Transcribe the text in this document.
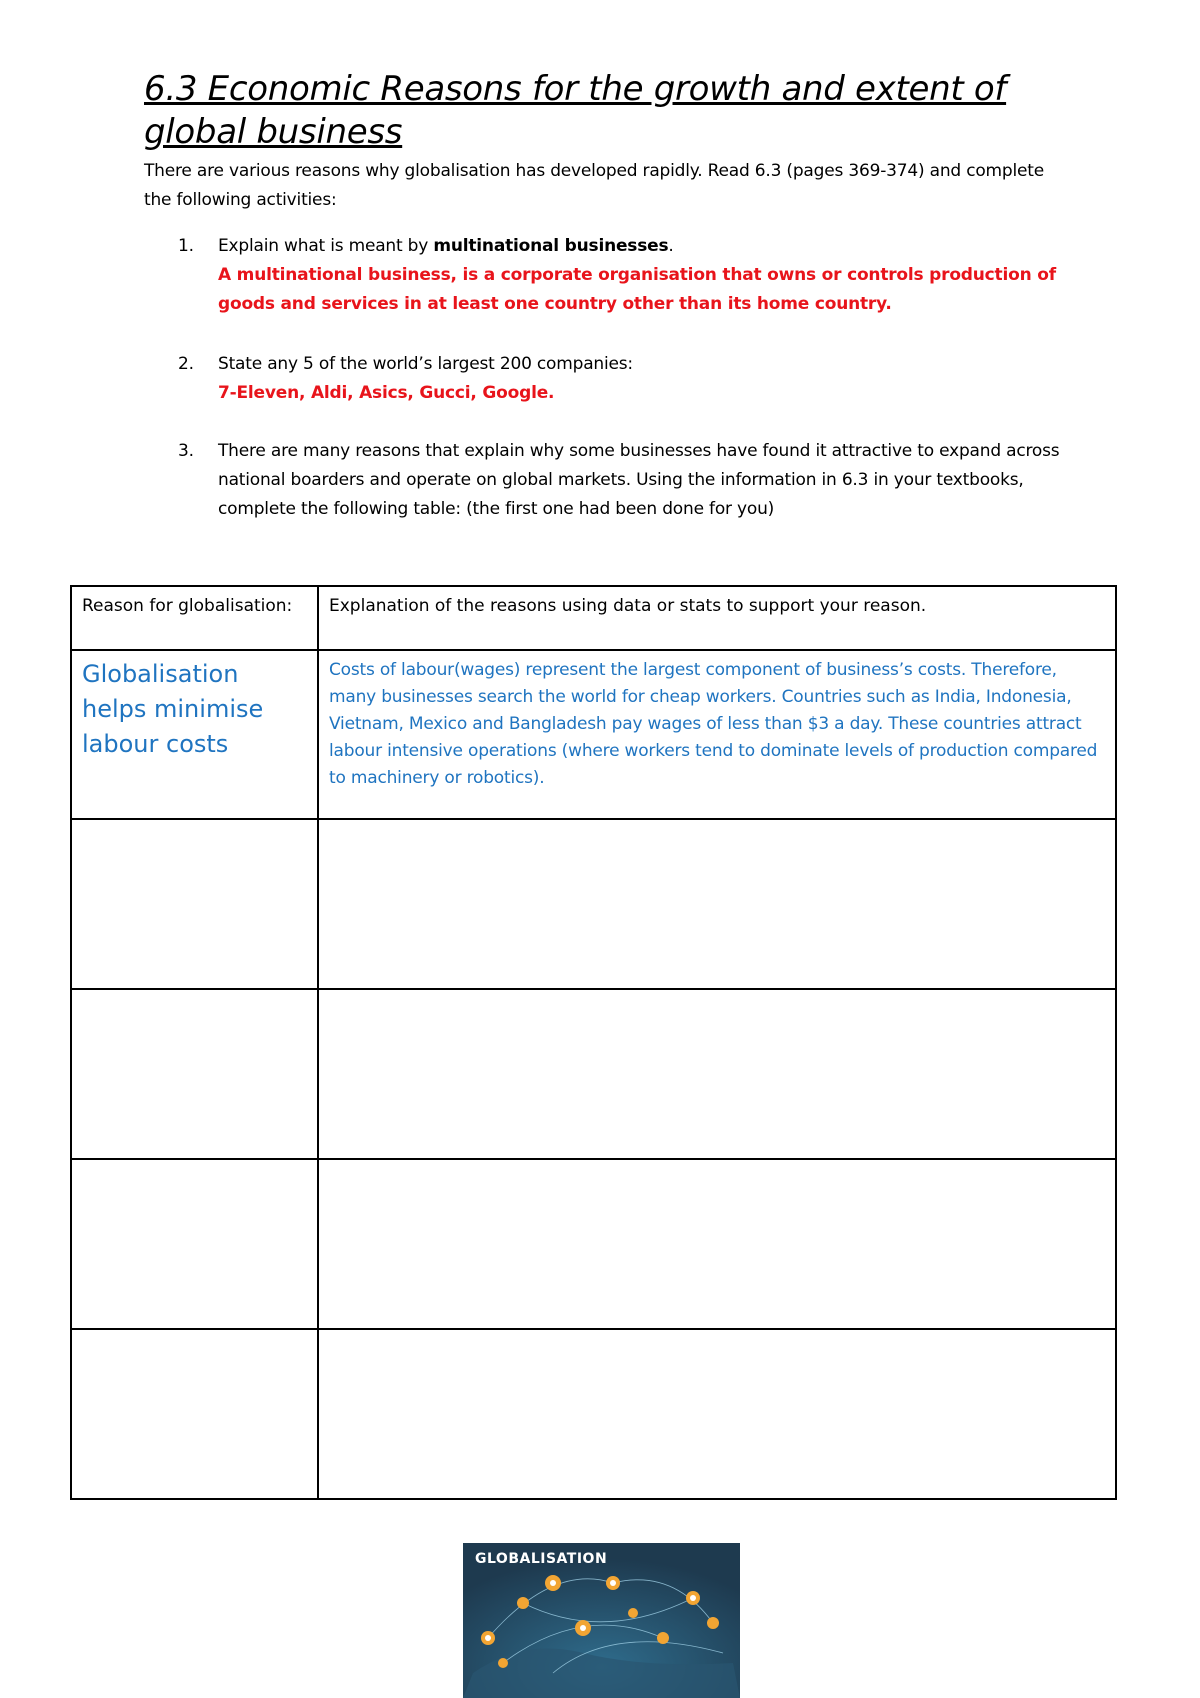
6.3 Economic Reasons for the growth and extent of global business

There are various reasons why globalisation has developed rapidly. Read 6.3 (pages 369-374) and complete the following activities:

1. Explain what is meant by multinational businesses.
A multinational business, is a corporate organisation that owns or controls production of goods and services in at least one country other than its home country.
2. State any 5 of the world’s largest 200 companies:
7-Eleven, Aldi, Asics, Gucci, Google.
3. There are many reasons that explain why some businesses have found it attractive to expand across national boarders and operate on global markets. Using the information in 6.3 in your textbooks, complete the following table: (the first one had been done for you)
Reason for globalisation:	Explanation of the reasons using data or stats to support your reason.

Globalisation helps minimise labour costs	Costs of labour(wages) represent the largest component of business’s costs. Therefore, many businesses search the world for cheap workers. Countries such as India, Indonesia, Vietnam, Mexico and Bangladesh pay wages of less than $3 a day. These countries attract labour intensive operations (where workers tend to dominate levels of production compared to machinery or robotics).

GLOBALISATION
